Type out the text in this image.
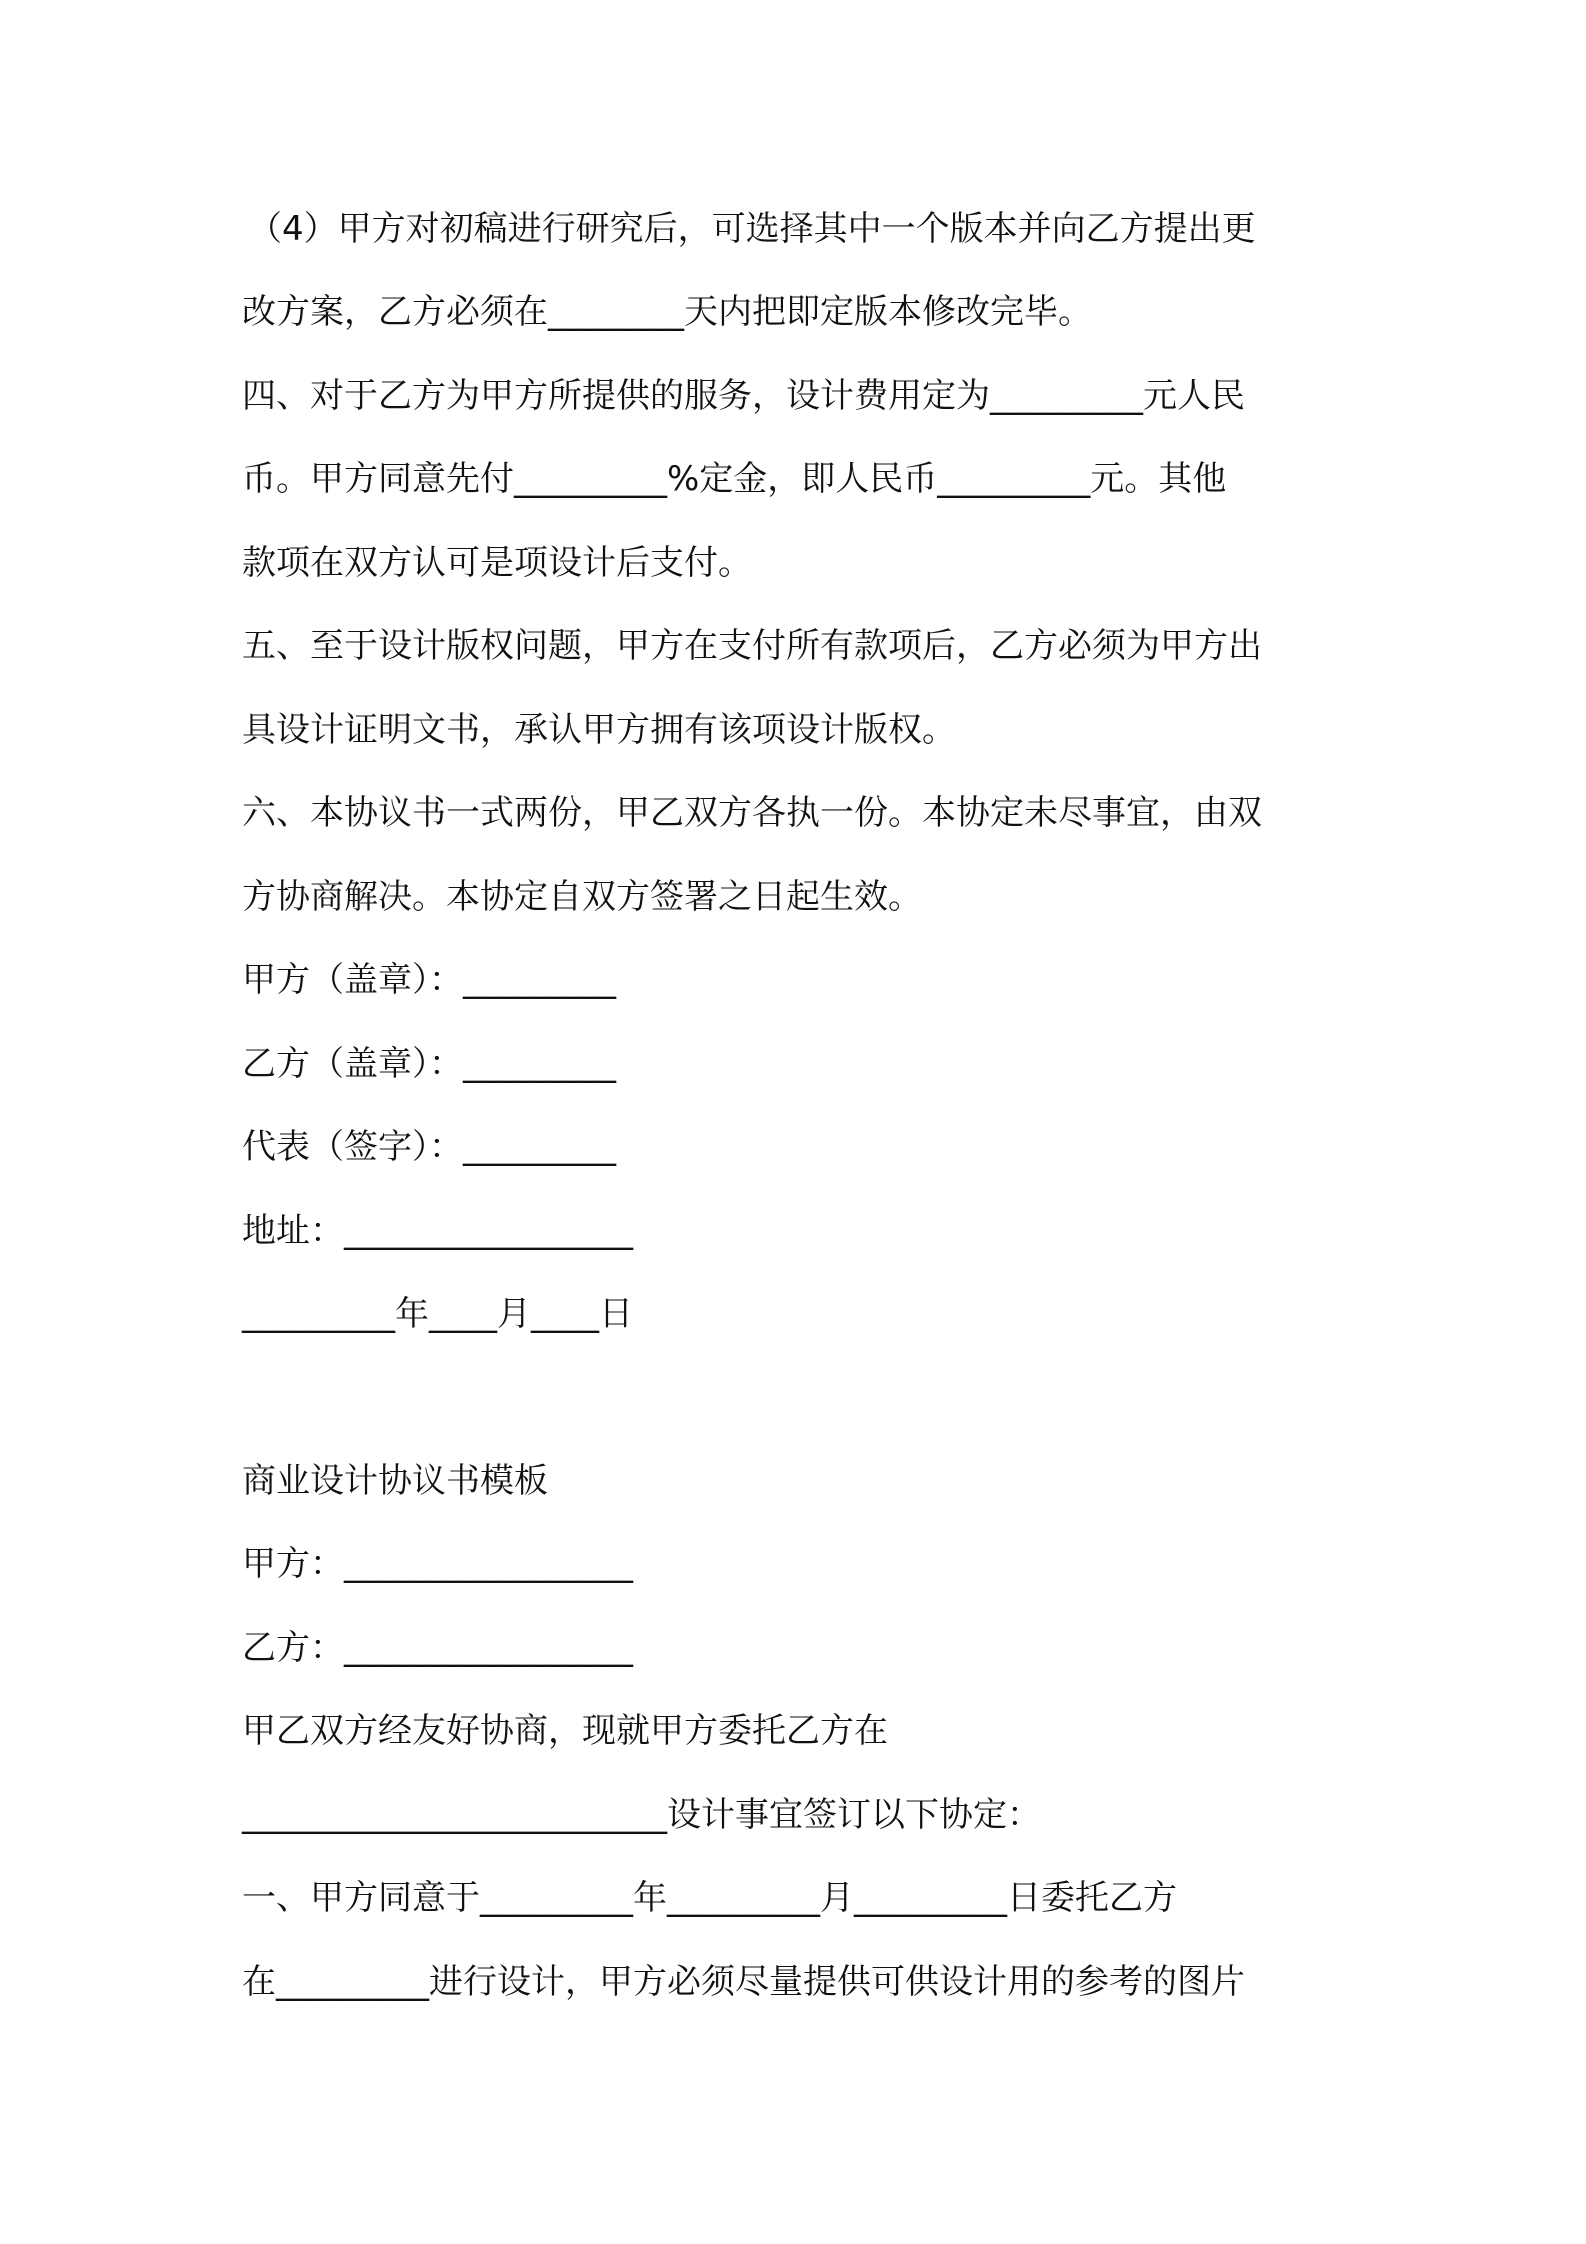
（4）甲方对初稿进行研究后，可选择其中一个版本并向乙方提出更

改方案，乙方必须在________天内把即定版本修改完毕。

四、对于乙方为甲方所提供的服务，设计费用定为_________元人民

币。甲方同意先付_________%定金，即人民币_________元。其他

款项在双方认可是项设计后支付。

五、至于设计版权问题，甲方在支付所有款项后，乙方必须为甲方出

具设计证明文书，承认甲方拥有该项设计版权。

六、本协议书一式两份，甲乙双方各执一份。本协定未尽事宜，由双

方协商解决。本协定自双方签署之日起生效。

甲方（盖章）：_________

乙方（盖章）：_________

代表（签字）：_________

地址：_________________

_________年____月____日

商业设计协议书模板

甲方：_________________

乙方：_________________

甲乙双方经友好协商，现就甲方委托乙方在

_________________________设计事宜签订以下协定：

一、甲方同意于_________年_________月_________日委托乙方

在_________进行设计，甲方必须尽量提供可供设计用的参考的图片
